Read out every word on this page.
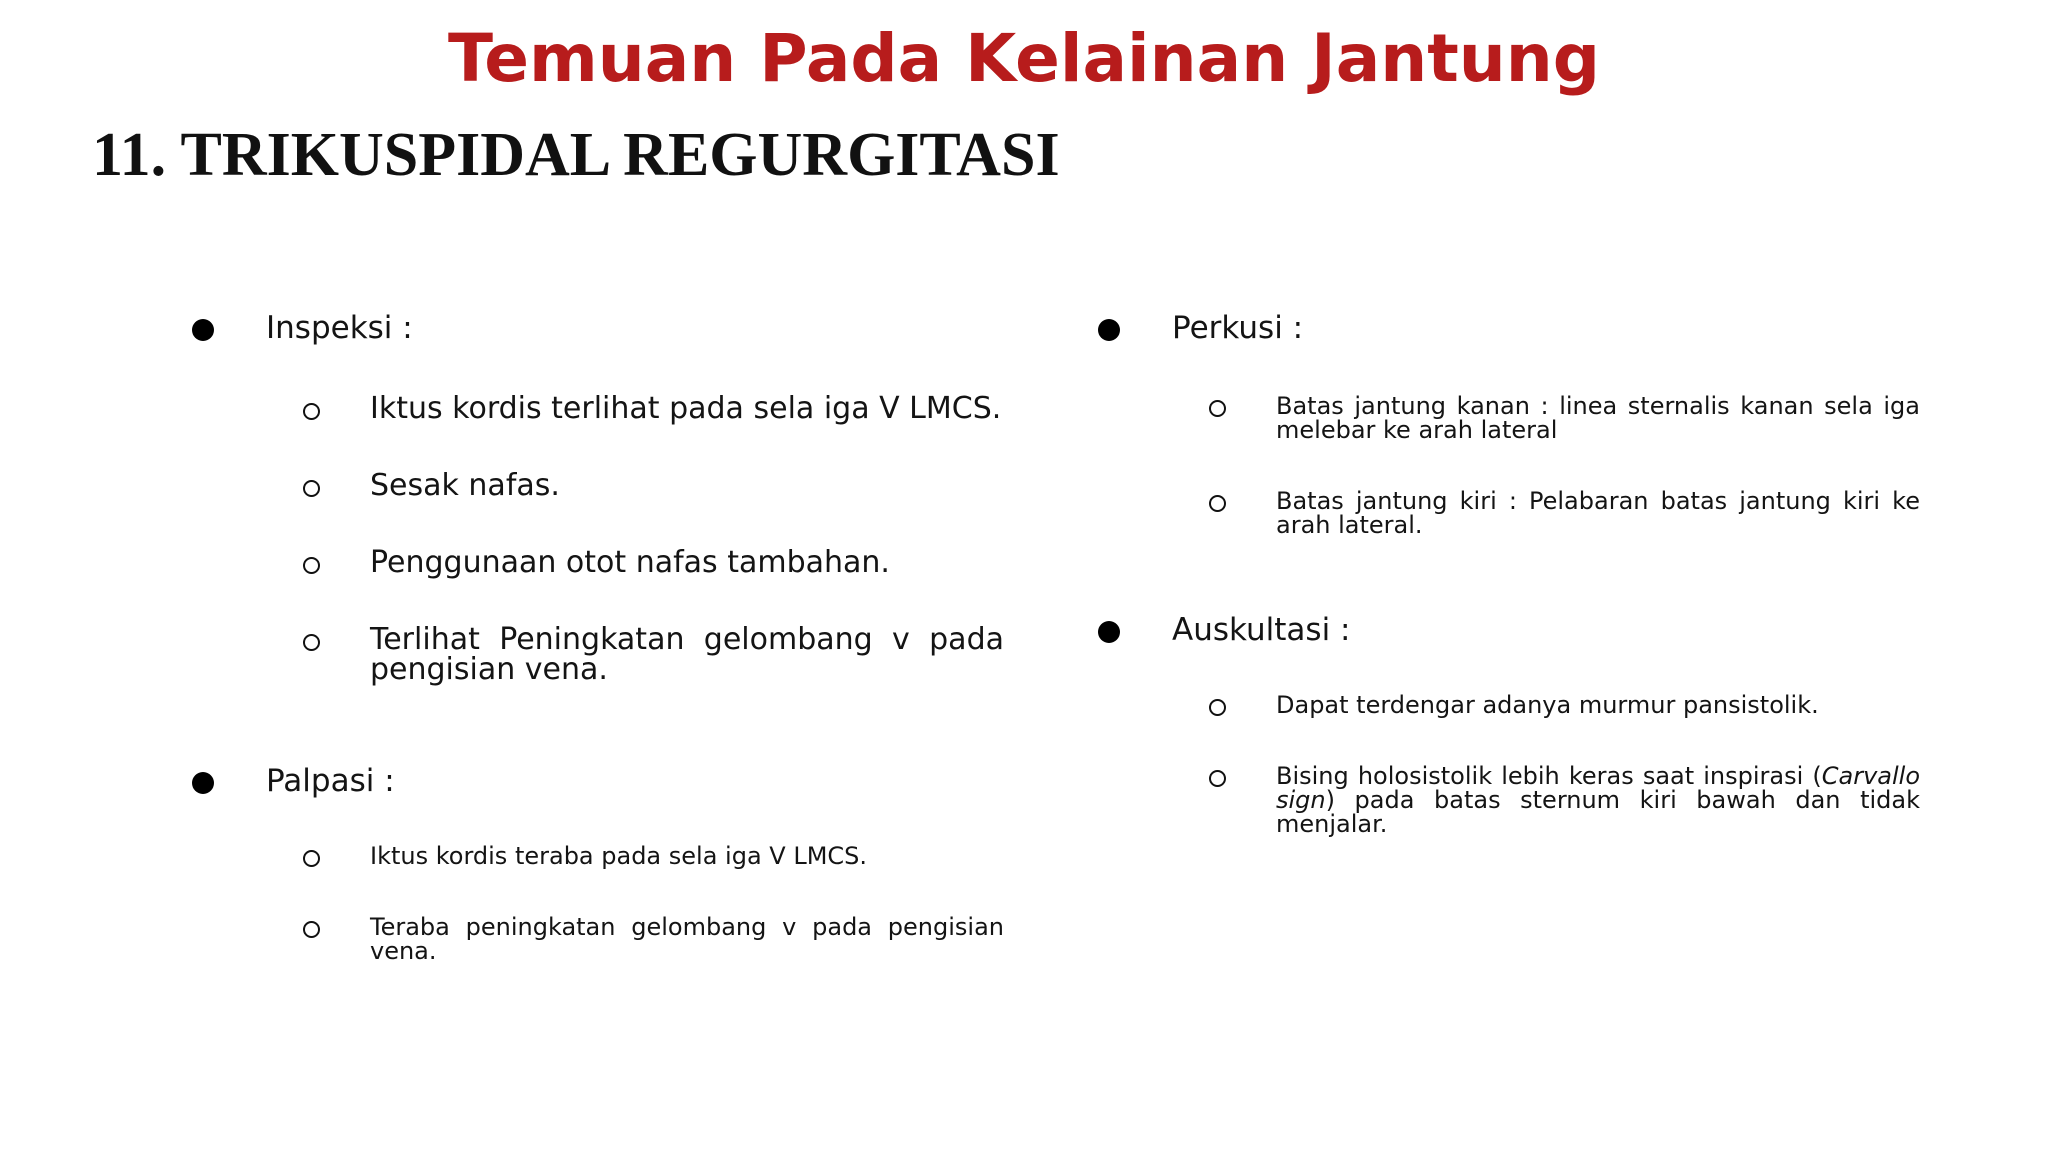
Temuan Pada Kelainan Jantung
11. TRIKUSPIDAL REGURGITASI
Inspeksi :
Iktus kordis terlihat pada sela iga V LMCS.
Sesak nafas.
Penggunaan otot nafas tambahan.
Terlihat Peningkatan gelombang v pada pengisian vena.
Palpasi :
Iktus kordis teraba pada sela iga V LMCS.
Teraba peningkatan gelombang v pada pengisian vena.
Perkusi :
Batas jantung kanan : linea sternalis kanan sela iga melebar ke arah lateral
Batas jantung kiri : Pelabaran batas jantung kiri ke arah lateral.
Auskultasi :
Dapat terdengar adanya murmur pansistolik.
Bising holosistolik lebih keras saat inspirasi (Carvallo sign) pada batas sternum kiri bawah dan tidak menjalar.
